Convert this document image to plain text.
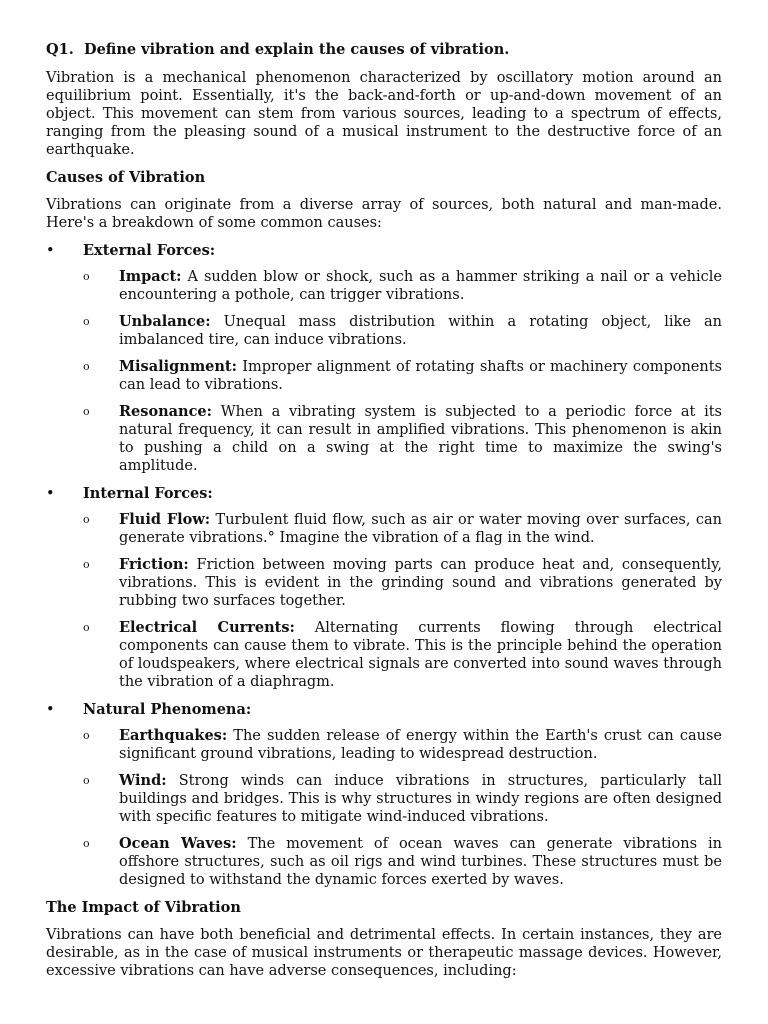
Q1. Define vibration and explain the causes of vibration.

Vibration is a mechanical phenomenon characterized by oscillatory motion around an equilibrium point. Essentially, it's the back-and-forth or up-and-down movement of an object. This movement can stem from various sources, leading to a spectrum of effects, ranging from the pleasing sound of a musical instrument to the destructive force of an earthquake.

Causes of Vibration

Vibrations can originate from a diverse array of sources, both natural and man-made. Here's a breakdown of some common causes:

• External Forces:

o Impact: A sudden blow or shock, such as a hammer striking a nail or a vehicle encountering a pothole, can trigger vibrations.

o Unbalance: Unequal mass distribution within a rotating object, like an imbalanced tire, can induce vibrations.

o Misalignment: Improper alignment of rotating shafts or machinery components can lead to vibrations.

o Resonance: When a vibrating system is subjected to a periodic force at its natural frequency, it can result in amplified vibrations. This phenomenon is akin to pushing a child on a swing at the right time to maximize the swing's amplitude.

• Internal Forces:

o Fluid Flow: Turbulent fluid flow, such as air or water moving over surfaces, can generate vibrations.° Imagine the vibration of a flag in the wind.

o Friction: Friction between moving parts can produce heat and, consequently, vibrations. This is evident in the grinding sound and vibrations generated by rubbing two surfaces together.

o Electrical Currents: Alternating currents flowing through electrical components can cause them to vibrate. This is the principle behind the operation of loudspeakers, where electrical signals are converted into sound waves through the vibration of a diaphragm.

• Natural Phenomena:

o Earthquakes: The sudden release of energy within the Earth's crust can cause significant ground vibrations, leading to widespread destruction.

o Wind: Strong winds can induce vibrations in structures, particularly tall buildings and bridges. This is why structures in windy regions are often designed with specific features to mitigate wind-induced vibrations.

o Ocean Waves: The movement of ocean waves can generate vibrations in offshore structures, such as oil rigs and wind turbines. These structures must be designed to withstand the dynamic forces exerted by waves.

The Impact of Vibration

Vibrations can have both beneficial and detrimental effects. In certain instances, they are desirable, as in the case of musical instruments or therapeutic massage devices. However, excessive vibrations can have adverse consequences, including:
